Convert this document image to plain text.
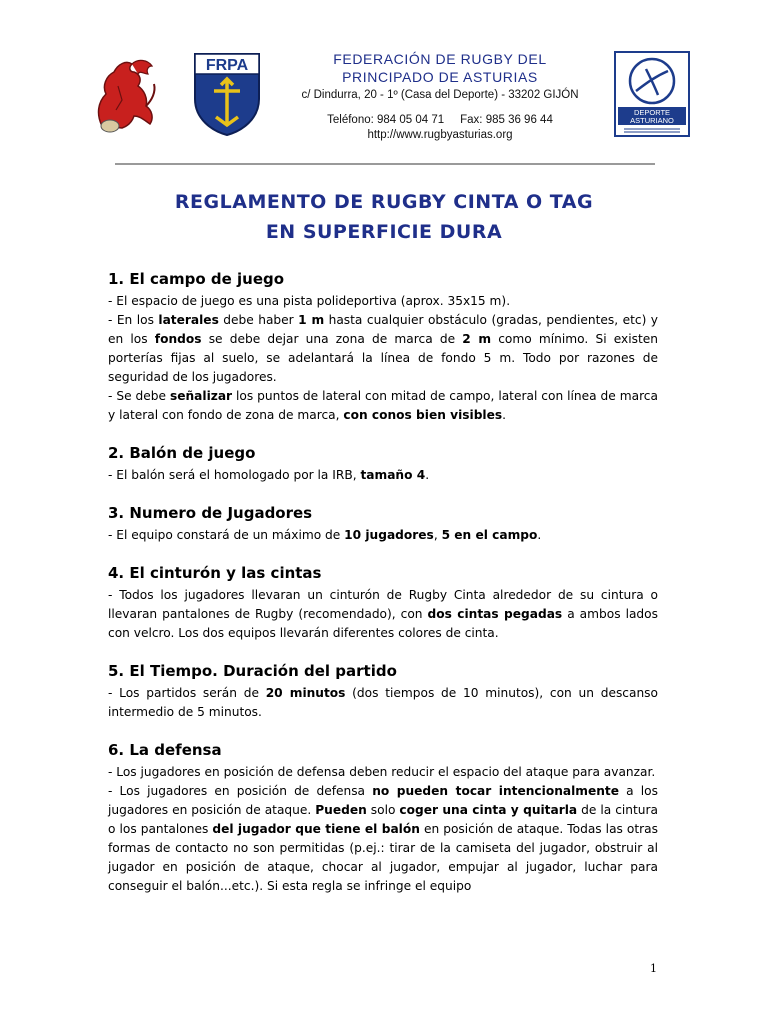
FRPA	FEDERACIÓN DE RUGBY DEL
PRINCIPADO DE ASTURIAS
c/ Dindurra, 20 - 1º (Casa del Deporte) - 33202 GIJÓN
Teléfono: 984 05 04 71     Fax: 985 36 96 44
http://www.rugbyasturias.org
DEPORTE
ASTURIANO
REGLAMENTO DE RUGBY CINTA O TAG
EN SUPERFICIE DURA
1. El campo de juego

- El espacio de juego es una pista polideportiva (aprox. 35x15 m).

- En los laterales debe haber 1 m hasta cualquier obstáculo (gradas, pendientes, etc) y en los fondos se debe dejar una zona de marca de 2 m como mínimo. Si existen porterías fijas al suelo, se adelantará la línea de fondo 5 m. Todo por razones de seguridad de los jugadores.

- Se debe señalizar los puntos de lateral con mitad de campo, lateral con línea de marca y lateral con fondo de zona de marca, con conos bien visibles.

2. Balón de juego

- El balón será el homologado por la IRB, tamaño 4.

3. Numero de Jugadores

- El equipo constará de un máximo de 10 jugadores, 5 en el campo.

4. El cinturón y las cintas

- Todos los jugadores llevaran un cinturón de Rugby Cinta alrededor de su cintura o llevaran pantalones de Rugby (recomendado), con dos cintas pegadas a ambos lados con velcro. Los dos equipos llevarán diferentes colores de cinta.

5. El Tiempo. Duración del partido

- Los partidos serán de 20 minutos (dos tiempos de 10 minutos), con un descanso intermedio de 5 minutos.

6. La defensa

- Los jugadores en posición de defensa deben reducir el espacio del ataque para avanzar.

- Los jugadores en posición de defensa no pueden tocar intencionalmente a los jugadores en posición de ataque. Pueden solo coger una cinta y quitarla de la cintura o los pantalones del jugador que tiene el balón en posición de ataque. Todas las otras formas de contacto no son permitidas (p.ej.: tirar de la camiseta del jugador, obstruir al jugador en posición de ataque, chocar al jugador, empujar al jugador, luchar para conseguir el balón...etc.). Si esta regla se infringe el equipo

1
